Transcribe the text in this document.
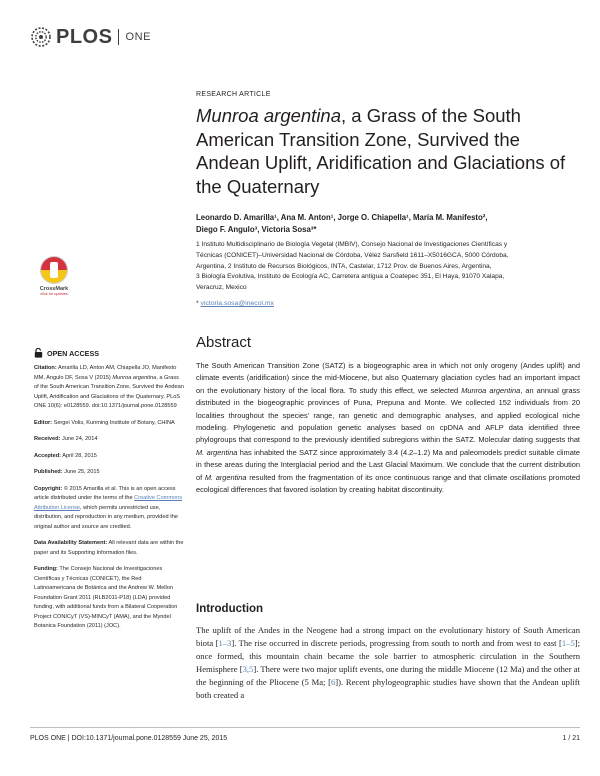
PLOS ONE
RESEARCH ARTICLE
Munroa argentina, a Grass of the South American Transition Zone, Survived the Andean Uplift, Aridification and Glaciations of the Quaternary
Leonardo D. Amarilla¹, Ana M. Anton¹, Jorge O. Chiapella¹, María M. Manifesto²,
Diego F. Angulo³, Victoria Sosa³*
1 Instituto Multidisciplinario de Biología Vegetal (IMBIV), Consejo Nacional de Investigaciones Científicas y
Técnicas (CONICET)–Universidad Nacional de Córdoba, Vélez Sarsfield 1611–X5016GCA, 5000 Córdoba,
Argentina, 2 Instituto de Recursos Biológicos, INTA, Castelar, 1712 Prov. de Buenos Aires, Argentina,
3 Biología Evolutiva, Instituto de Ecología AC, Carretera antigua a Coatepec 351, El Haya, 91070 Xalapa,
Veracruz, Mexico
* victoria.sosa@inecol.mx
CrossMark
click for updates
OPEN ACCESS

Citation: Amarilla LD, Anton AM, Chiapella JO, Manifesto MM, Angulo DF, Sosa V (2015) Munroa argentina, a Grass of the South American Transition Zone, Survived the Andean Uplift, Aridification and Glaciations of the Quaternary. PLoS ONE 10(6): e0128559. doi:10.1371/journal.pone.0128559

Editor: Sergei Volis, Kunming Institute of Botany, CHINA

Received: June 24, 2014

Accepted: April 28, 2015

Published: June 25, 2015

Copyright: © 2015 Amarilla et al. This is an open access article distributed under the terms of the Creative Commons Attribution License, which permits unrestricted use, distribution, and reproduction in any medium, provided the original author and source are credited.

Data Availability Statement: All relevant data are within the paper and its Supporting Information files.

Funding: The Consejo Nacional de Investigaciones Científicas y Técnicas (CONICET), the Red Latinoamericana de Botánica and the Andrew W. Mellon Foundation Grant 2011 (RLB2011-P18) (LDA) provided funding, with additional funds from a Bilateral Cooperation Project CONICyT (VS)-MINCyT (AMA), and the Myndel Botanica Foundation (2011) (JOC).

Abstract
The South American Transition Zone (SATZ) is a biogeographic area in which not only orogeny (Andes uplift) and climate events (aridification) since the mid-Miocene, but also Quaternary glaciation cycles had an important impact on the evolutionary history of the local flora. To study this effect, we selected Munroa argentina, an annual grass distributed in the biogeographic provinces of Puna, Prepuna and Monte. We collected 152 individuals from 20 localities throughout the species' range, ran genetic and demographic analyses, and applied ecological niche modeling. Phylogenetic and population genetic analyses based on cpDNA and AFLP data identified three phylogroups that correspond to the previously identified subregions within the SATZ. Molecular dating suggests that M. argentina has inhabited the SATZ since approximately 3.4 (4.2–1.2) Ma and paleomodels predict suitable climate in these areas during the Interglacial period and the Last Glacial Maximum. We conclude that the current distribution of M. argentina resulted from the fragmentation of its once continuous range and that climate oscillations promoted ecological differences that favored isolation by creating habitat discontinuity.
Introduction
The uplift of the Andes in the Neogene had a strong impact on the evolutionary history of South American biota [1–3]. The rise occurred in discrete periods, progressing from south to north and from west to east [1–5]; once formed, this mountain chain became the sole barrier to atmospheric circulation in the Southern Hemisphere [3,5]. There were two major uplift events, one during the middle Miocene (12 Ma) and the other at the beginning of the Pliocene (5 Ma; [6]). Recent phylogeographic studies have shown that the Andean uplift both created a
PLOS ONE | DOI:10.1371/journal.pone.0128559 June 25, 2015	1 / 21
